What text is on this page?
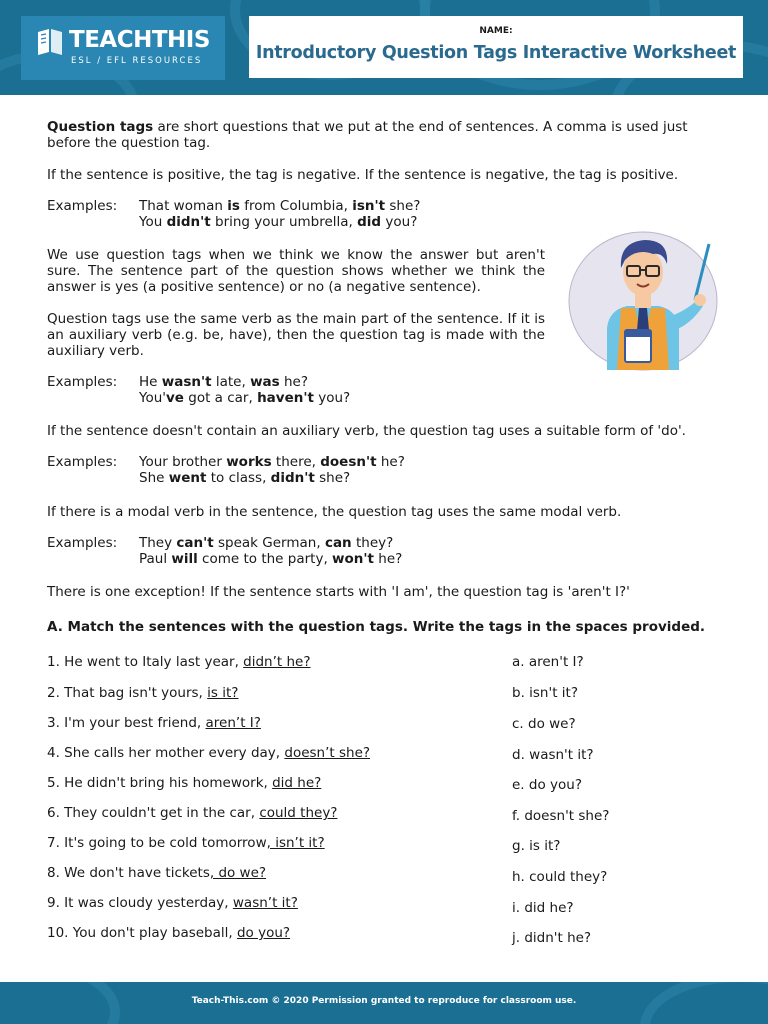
TEACHTHIS
ESL / EFL RESOURCES
NAME:
Introductory Question Tags Interactive Worksheet

Question tags are short questions that we put at the end of sentences. A comma is used just before the question tag.

If the sentence is positive, the tag is negative. If the sentence is negative, the tag is positive.

Examples: That woman is from Columbia, isn't she?
You didn't bring your umbrella, did you?

We use question tags when we think we know the answer but aren't sure. The sentence part of the question shows whether we think the answer is yes (a positive sentence) or no (a negative sentence).

Question tags use the same verb as the main part of the sentence. If it is an auxiliary verb (e.g. be, have), then the question tag is made with the auxiliary verb.

Examples: He wasn't late, was he?
You've got a car, haven't you?

If the sentence doesn't contain an auxiliary verb, the question tag uses a suitable form of 'do'.

Examples: Your brother works there, doesn't he?
She went to class, didn't she?

If there is a modal verb in the sentence, the question tag uses the same modal verb.

Examples: They can't speak German, can they?
Paul will come to the party, won't he?

There is one exception! If the sentence starts with 'I am', the question tag is 'aren't I?'

A. Match the sentences with the question tags. Write the tags in the spaces provided.
1. He went to Italy last year, didn’t he?
2. That bag isn't yours, is it?
3. I'm your best friend, aren’t I?
4. She calls her mother every day, doesn’t she?
5. He didn't bring his homework, did he?
6. They couldn't get in the car, could they?
7. It's going to be cold tomorrow, isn’t it?
8. We don't have tickets, do we?
9. It was cloudy yesterday, wasn’t it?
10. You don't play baseball, do you?
a. aren't I?
b. isn't it?
c. do we?
d. wasn't it?
e. do you?
f. doesn't she?
g. is it?
h. could they?
i. did he?
j. didn't he?
Teach-This.com © 2020 Permission granted to reproduce for classroom use.
